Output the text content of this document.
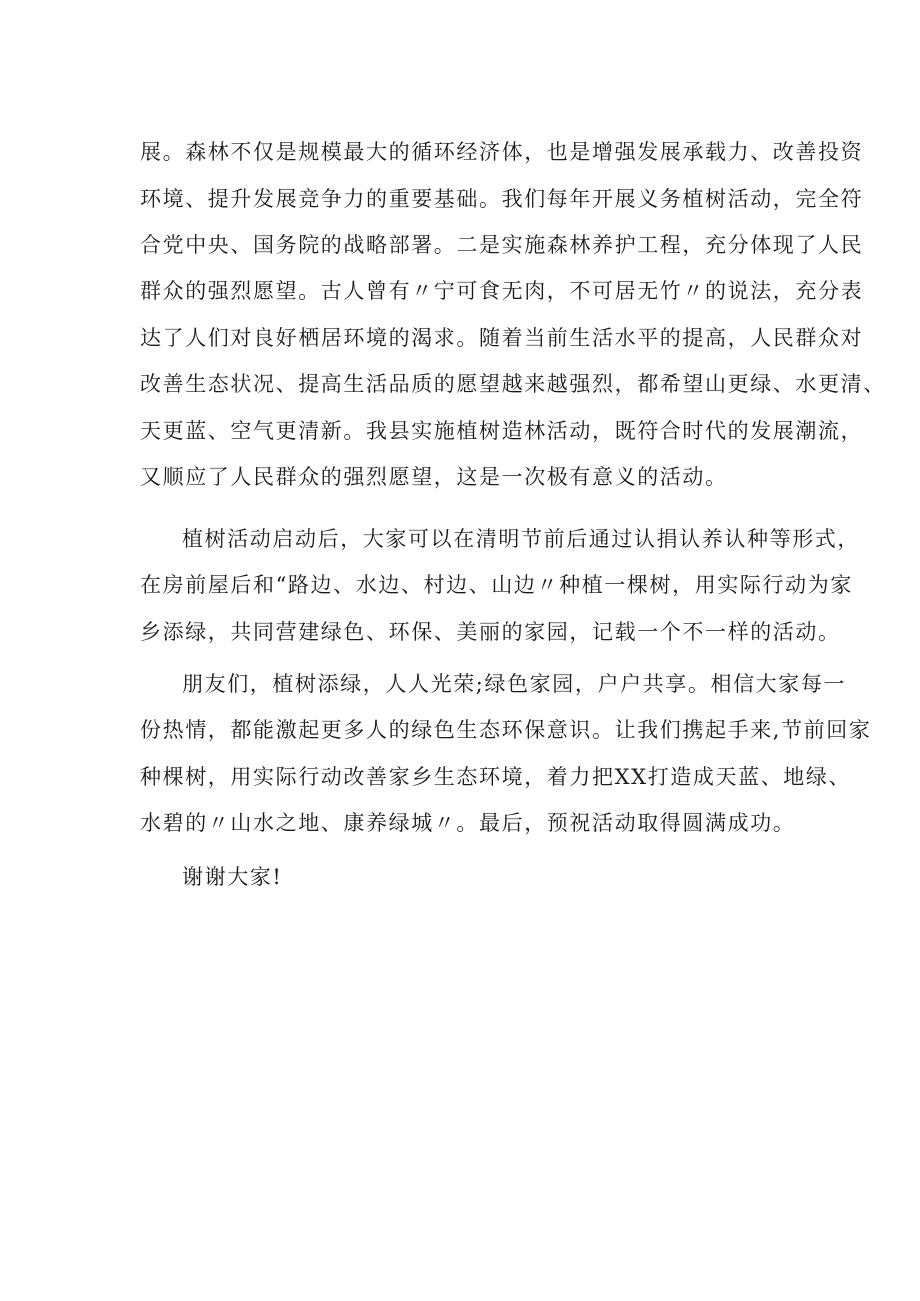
展。森林不仅是规模最大的循环经济体，也是增强发展承载力、改善投资
环境、提升发展竞争力的重要基础。我们每年开展义务植树活动，完全符
合党中央、国务院的战略部署。二是实施森林养护工程，充分体现了人民
群众的强烈愿望。古人曾有〃宁可食无肉，不可居无竹〃的说法，充分表
达了人们对良好栖居环境的渴求。随着当前生活水平的提高，人民群众对
改善生态状况、提高生活品质的愿望越来越强烈，都希望山更绿、水更清、
天更蓝、空气更清新。我县实施植树造林活动，既符合时代的发展潮流，
又顺应了人民群众的强烈愿望，这是一次极有意义的活动。
植树活动启动后，大家可以在清明节前后通过认捐认养认种等形式，
在房前屋后和“路边、水边、村边、山边〃种植一棵树，用实际行动为家
乡添绿，共同营建绿色、环保、美丽的家园，记载一个不一样的活动。
朋友们，植树添绿，人人光荣;绿色家园，户户共享。相信大家每一
份热情，都能激起更多人的绿色生态环保意识。让我们携起手来,节前回家
种棵树，用实际行动改善家乡生态环境，着力把XX打造成天蓝、地绿、
水碧的〃山水之地、康养绿城〃。最后，预祝活动取得圆满成功。
谢谢大家!
